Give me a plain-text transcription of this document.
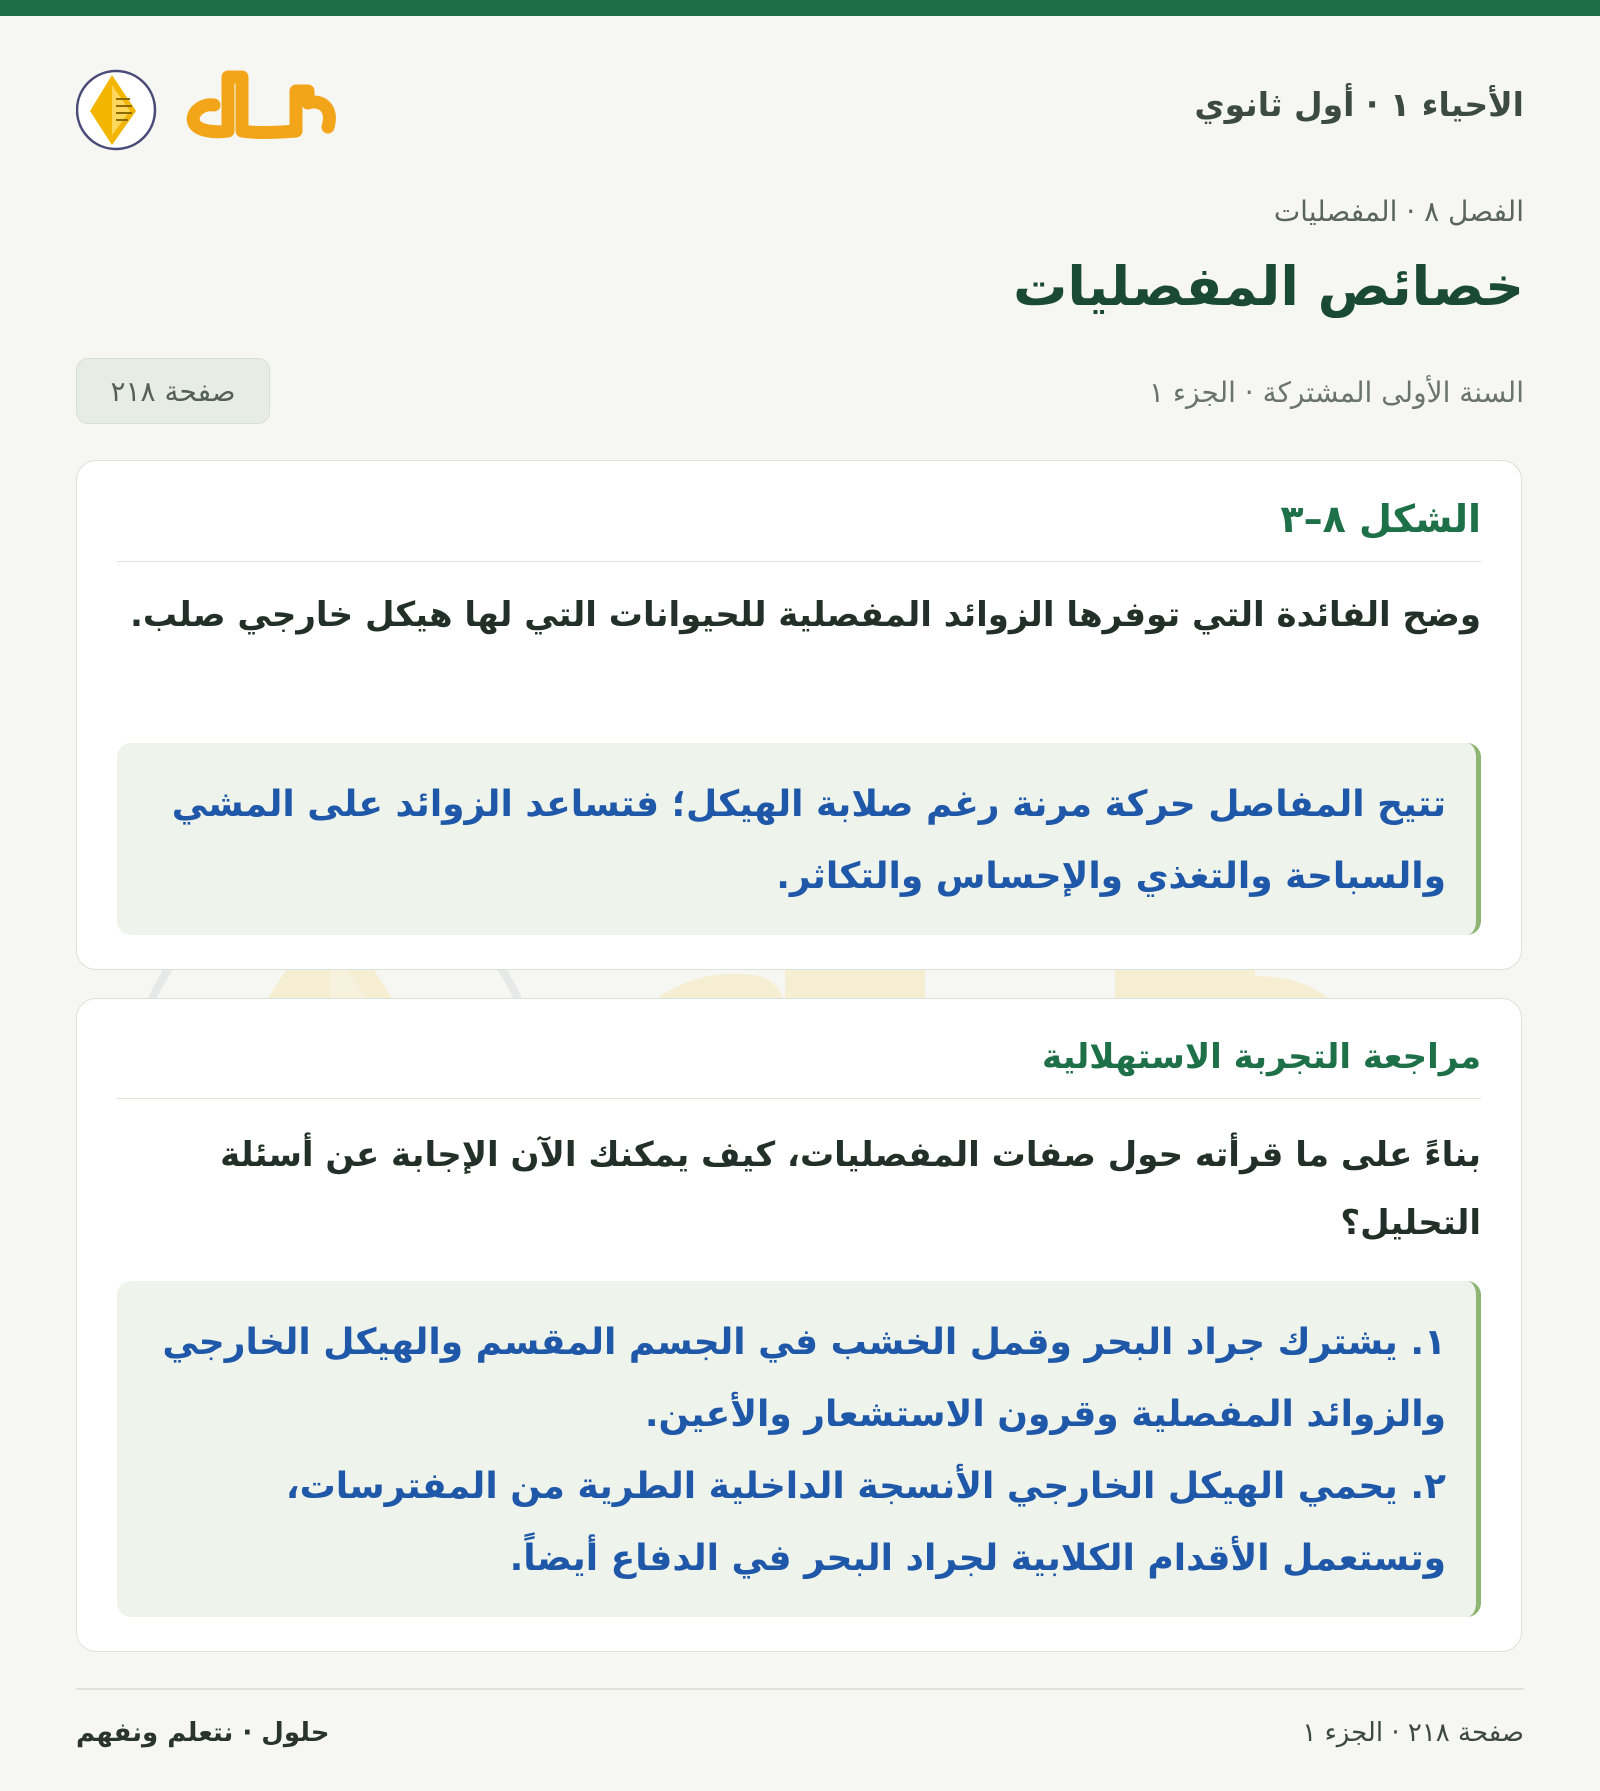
الأحياء ١ · أول ثانوي
الفصل ٨ · المفصليات
خصائص المفصليات
السنة الأولى المشتركة · الجزء ١
صفحة ٢١٨
الشكل ٨–٣

وضح الفائدة التي توفرها الزوائد المفصلية للحيوانات التي لها هيكل خارجي صلب.

تتيح المفاصل حركة مرنة رغم صلابة الهيكل؛ فتساعد الزوائد على المشي والسباحة والتغذي والإحساس والتكاثر.

مراجعة التجربة الاستهلالية

بناءً على ما قرأته حول صفات المفصليات، كيف يمكنك الآن الإجابة عن أسئلة التحليل؟

١. يشترك جراد البحر وقمل الخشب في الجسم المقسم والهيكل الخارجي والزوائد المفصلية وقرون الاستشعار والأعين.

٢. يحمي الهيكل الخارجي الأنسجة الداخلية الطرية من المفترسات، وتستعمل الأقدام الكلابية لجراد البحر في الدفاع أيضاً.

حلول · نتعلم ونفهم	صفحة ٢١٨ · الجزء ١
